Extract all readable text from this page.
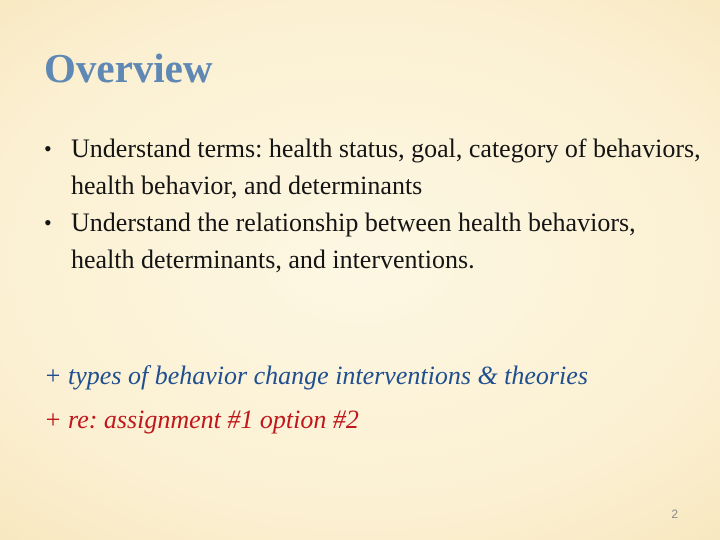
Overview
• Understand terms: health status, goal, category of behaviors, health behavior, and determinants
• Understand the relationship between health behaviors, health determinants, and interventions.

+ types of behavior change interventions & theories

+ re: assignment #1 option #2

2
